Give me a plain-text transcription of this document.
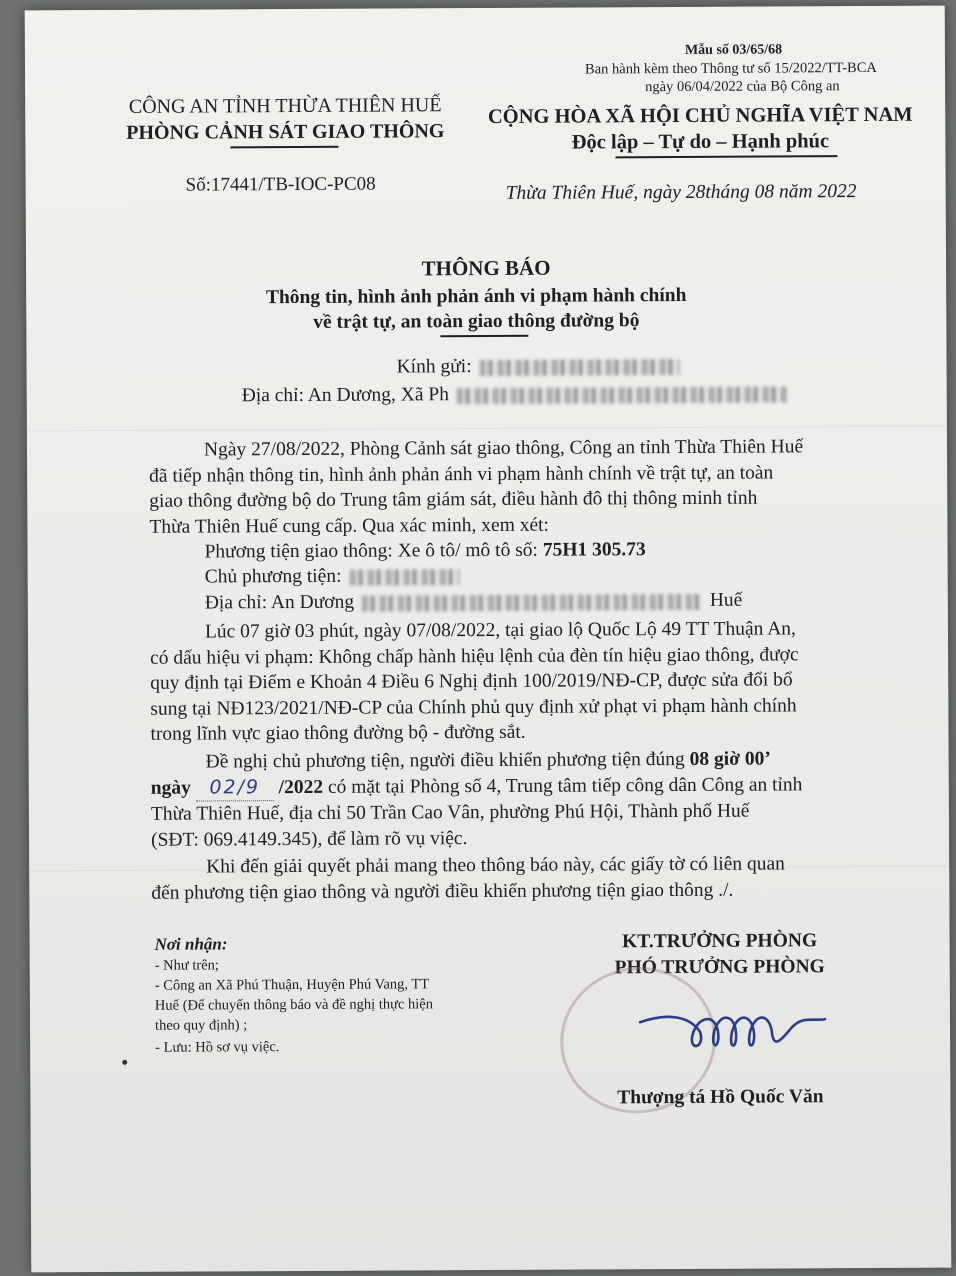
Mẫu số 03/65/68
Ban hành kèm theo Thông tư số 15/2022/TT-BCA
ngày 06/04/2022 của Bộ Công an
CÔNG AN TỈNH THỪA THIÊN HUẾ
PHÒNG CẢNH SÁT GIAO THÔNG
Số:17441/TB-IOC-PC08
CỘNG HÒA XÃ HỘI CHỦ NGHĨA VIỆT NAM
Độc lập – Tự do – Hạnh phúc
Thừa Thiên Huế, ngày 28tháng 08 năm 2022
THÔNG BÁO
Thông tin, hình ảnh phản ánh vi phạm hành chính
về trật tự, an toàn giao thông đường bộ
Kính gửi:
Địa chỉ: An Dương, Xã Ph
Ngày 27/08/2022, Phòng Cảnh sát giao thông, Công an tỉnh Thừa Thiên Huế
đã tiếp nhận thông tin, hình ảnh phản ánh vi phạm hành chính về trật tự, an toàn
giao thông đường bộ do Trung tâm giám sát, điều hành đô thị thông minh tỉnh
Thừa Thiên Huế cung cấp. Qua xác minh, xem xét:
Phương tiện giao thông: Xe ô tô/ mô tô số: 75H1 305.73
Chủ phương tiện:
Địa chỉ: An Dương	Huế
Lúc 07 giờ 03 phút, ngày 07/08/2022, tại giao lộ Quốc Lộ 49 TT Thuận An,
có dấu hiệu vi phạm: Không chấp hành hiệu lệnh của đèn tín hiệu giao thông, được
quy định tại Điểm e Khoản 4 Điều 6 Nghị định 100/2019/NĐ-CP, được sửa đổi bổ
sung tại NĐ123/2021/NĐ-CP của Chính phủ quy định xử phạt vi phạm hành chính
trong lĩnh vực giao thông đường bộ - đường sắt.
Đề nghị chủ phương tiện, người điều khiển phương tiện đúng 08 giờ 00’
ngày 02/9 /2022 có mặt tại Phòng số 4, Trung tâm tiếp công dân Công an tỉnh
Thừa Thiên Huế, địa chỉ 50 Trần Cao Vân, phường Phú Hội, Thành phố Huế
(SĐT: 069.4149.345), để làm rõ vụ việc.
Khi đến giải quyết phải mang theo thông báo này, các giấy tờ có liên quan
đến phương tiện giao thông và người điều khiển phương tiện giao thông ./.
Nơi nhận:
- Như trên;
- Công an Xã Phú Thuận, Huyện Phú Vang, TT
Huế (Để chuyển thông báo và đề nghị thực hiện
theo quy định) ;
- Lưu: Hồ sơ vụ việc.
KT.TRƯỞNG PHÒNG
PHÓ TRƯỞNG PHÒNG
Thượng tá Hồ Quốc Văn
